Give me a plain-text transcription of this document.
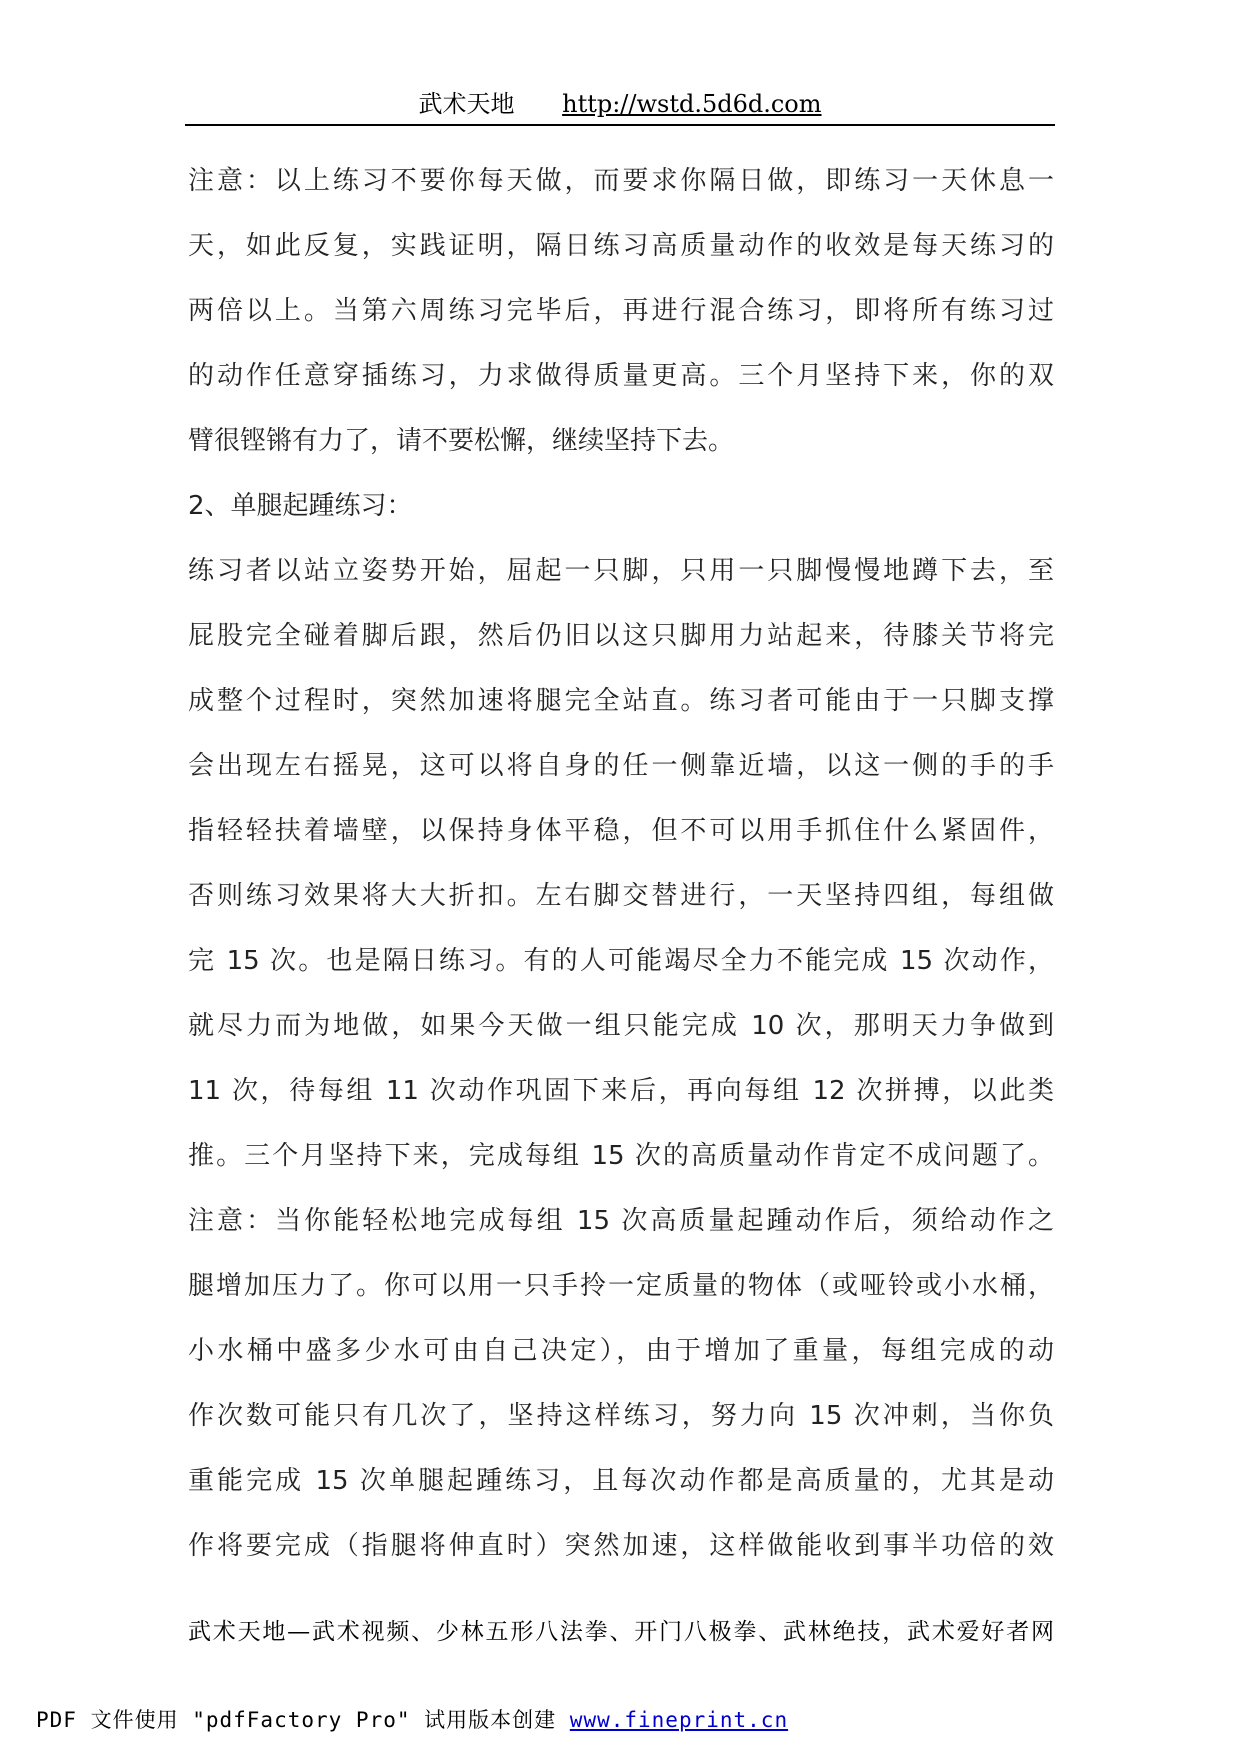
武术天地 http://wstd.5d6d.com
注意：以上练习不要你每天做，而要求你隔日做，即练习一天休息一
天，如此反复，实践证明，隔日练习高质量动作的收效是每天练习的
两倍以上。当第六周练习完毕后，再进行混合练习，即将所有练习过
的动作任意穿插练习，力求做得质量更高。三个月坚持下来，你的双
臂很铿锵有力了，请不要松懈，继续坚持下去。
2、单腿起踵练习：
练习者以站立姿势开始，屈起一只脚，只用一只脚慢慢地蹲下去，至
屁股完全碰着脚后跟，然后仍旧以这只脚用力站起来，待膝关节将完
成整个过程时，突然加速将腿完全站直。练习者可能由于一只脚支撑
会出现左右摇晃，这可以将自身的任一侧靠近墙，以这一侧的手的手
指轻轻扶着墙壁，以保持身体平稳，但不可以用手抓住什么紧固件，
否则练习效果将大大折扣。左右脚交替进行，一天坚持四组，每组做
完 15 次。也是隔日练习。有的人可能竭尽全力不能完成 15 次动作，
就尽力而为地做，如果今天做一组只能完成 10 次，那明天力争做到
11 次，待每组 11 次动作巩固下来后，再向每组 12 次拼搏，以此类
推。三个月坚持下来，完成每组 15 次的高质量动作肯定不成问题了。
注意：当你能轻松地完成每组 15 次高质量起踵动作后，须给动作之
腿增加压力了。你可以用一只手拎一定质量的物体（或哑铃或小水桶，
小水桶中盛多少水可由自己决定），由于增加了重量，每组完成的动
作次数可能只有几次了，坚持这样练习，努力向 15 次冲刺，当你负
重能完成 15 次单腿起踵练习，且每次动作都是高质量的，尤其是动
作将要完成（指腿将伸直时）突然加速，这样做能收到事半功倍的效
武术天地—武术视频、少林五形八法拳、开门八极拳、武林绝技，武术爱好者网
PDF 文件使用 "pdfFactory Pro" 试用版本创建 www.fineprint.cn
